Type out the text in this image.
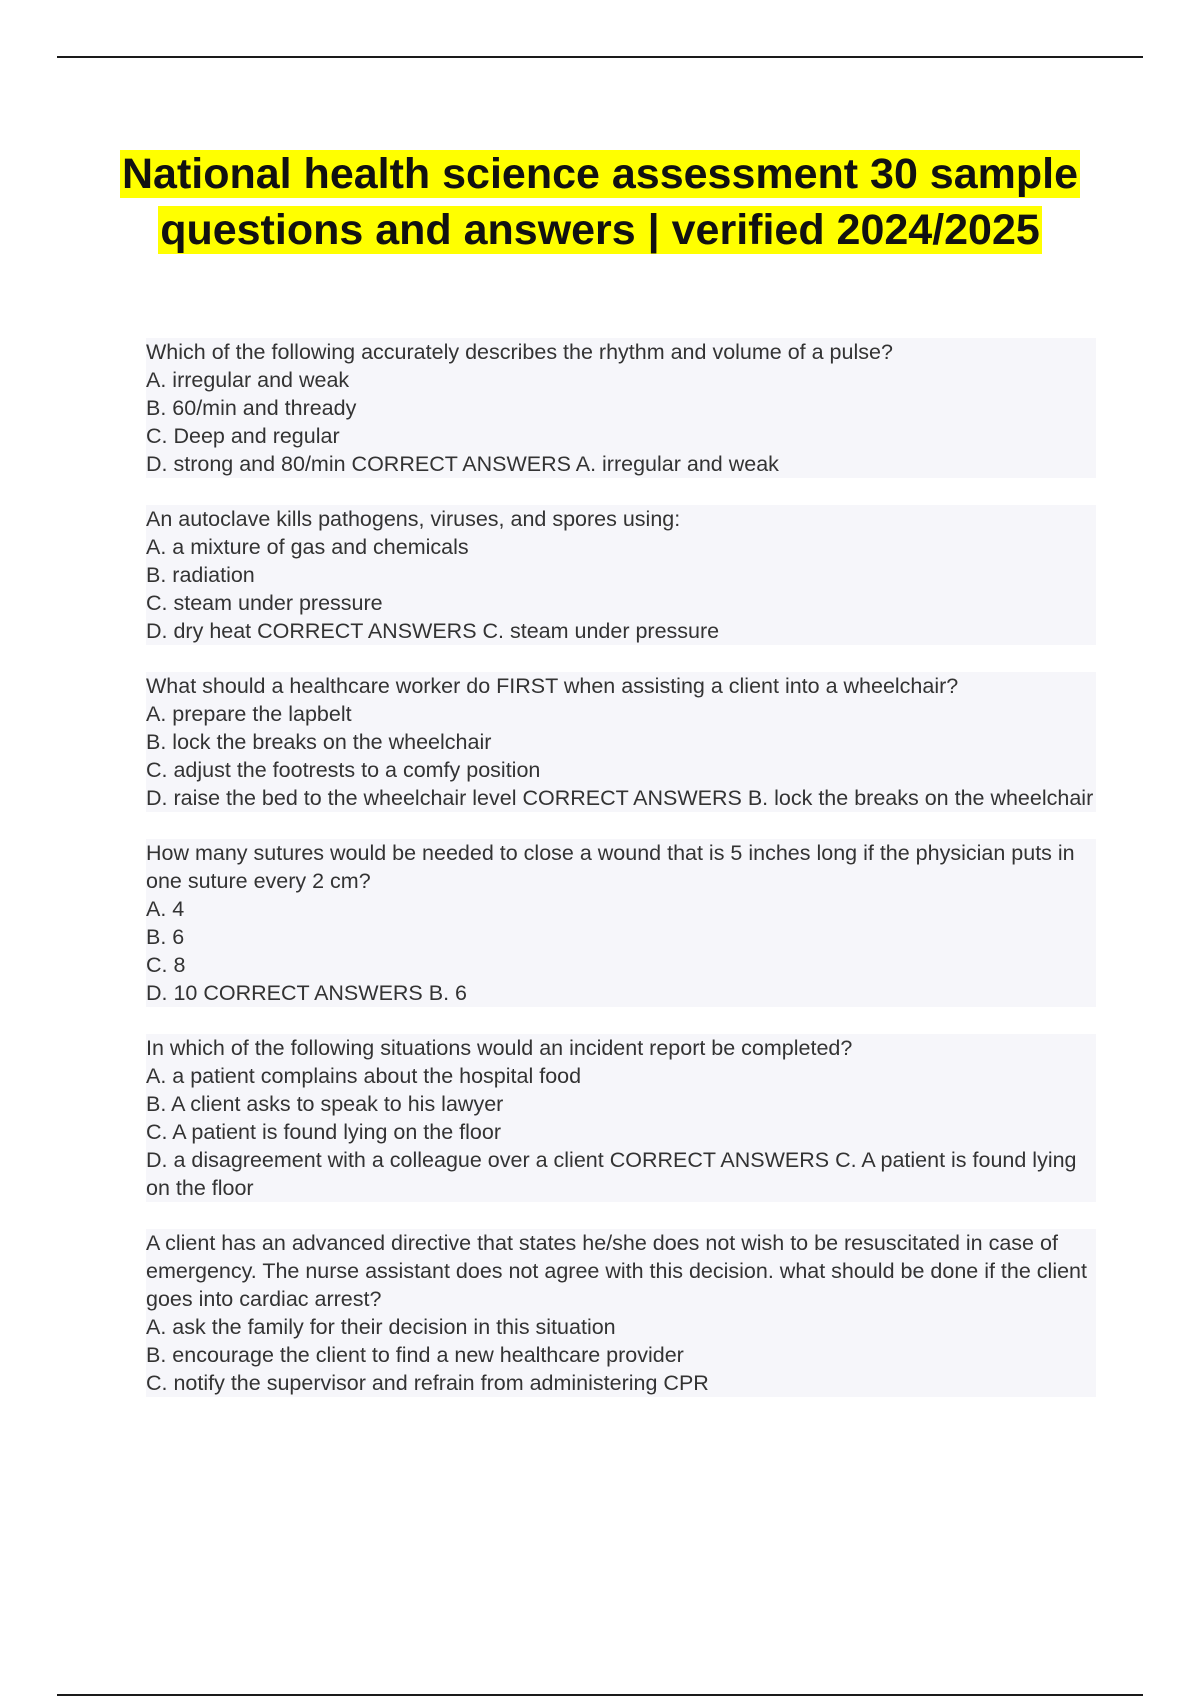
National health science assessment 30 sample questions and answers | verified 2024/2025
Which of the following accurately describes the rhythm and volume of a pulse?
A. irregular and weak
B. 60/min and thready
C. Deep and regular
D. strong and 80/min CORRECT ANSWERS A. irregular and weak
An autoclave kills pathogens, viruses, and spores using:
A. a mixture of gas and chemicals
B. radiation
C. steam under pressure
D. dry heat CORRECT ANSWERS C. steam under pressure
What should a healthcare worker do FIRST when assisting a client into a wheelchair?
A. prepare the lapbelt
B. lock the breaks on the wheelchair
C. adjust the footrests to a comfy position
D. raise the bed to the wheelchair level CORRECT ANSWERS B. lock the breaks on the wheelchair
How many sutures would be needed to close a wound that is 5 inches long if the physician puts in one suture every 2 cm?
A. 4
B. 6
C. 8
D. 10 CORRECT ANSWERS B. 6
In which of the following situations would an incident report be completed?
A. a patient complains about the hospital food
B. A client asks to speak to his lawyer
C. A patient is found lying on the floor
D. a disagreement with a colleague over a client CORRECT ANSWERS C. A patient is found lying on the floor
A client has an advanced directive that states he/she does not wish to be resuscitated in case of emergency. The nurse assistant does not agree with this decision. what should be done if the client goes into cardiac arrest?
A. ask the family for their decision in this situation
B. encourage the client to find a new healthcare provider
C. notify the supervisor and refrain from administering CPR
